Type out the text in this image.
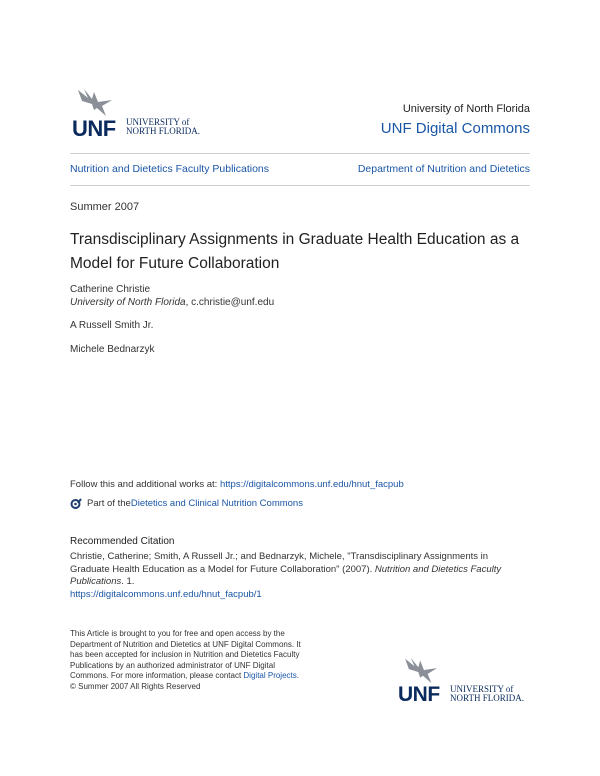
UNF UNIVERSITY of
NORTH FLORIDA.
University of North Florida
UNF Digital Commons
Nutrition and Dietetics Faculty Publications	Department of Nutrition and Dietetics
Summer 2007
Transdisciplinary Assignments in Graduate Health Education as a Model for Future Collaboration
Catherine Christie
University of North Florida, c.christie@unf.edu
A Russell Smith Jr.
Michele Bednarzyk
Follow this and additional works at: https://digitalcommons.unf.edu/hnut_facpub
Part of the Dietetics and Clinical Nutrition Commons
Recommended Citation
Christie, Catherine; Smith, A Russell Jr.; and Bednarzyk, Michele, "Transdisciplinary Assignments in Graduate Health Education as a Model for Future Collaboration" (2007). Nutrition and Dietetics Faculty Publications. 1.
https://digitalcommons.unf.edu/hnut_facpub/1
This Article is brought to you for free and open access by the Department of Nutrition and Dietetics at UNF Digital Commons. It has been accepted for inclusion in Nutrition and Dietetics Faculty Publications by an authorized administrator of UNF Digital Commons. For more information, please contact Digital Projects.
© Summer 2007 All Rights Reserved	UNF UNIVERSITY of
NORTH FLORIDA.
